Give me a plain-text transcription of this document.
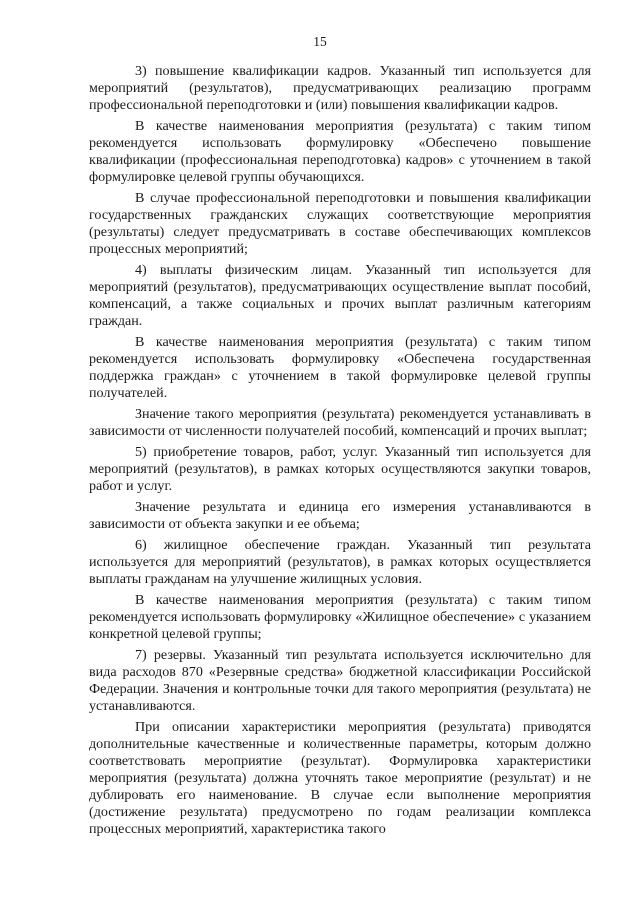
15

3) повышение квалификации кадров. Указанный тип используется для мероприятий (результатов), предусматривающих реализацию программ профессиональной переподготовки и (или) повышения квалификации кадров.

В качестве наименования мероприятия (результата) с таким типом рекомендуется использовать формулировку «Обеспечено повышение квалификации (профессиональная переподготовка) кадров» с уточнением в такой формулировке целевой группы обучающихся.

В случае профессиональной переподготовки и повышения квалификации государственных гражданских служащих соответствующие мероприятия (результаты) следует предусматривать в составе обеспечивающих комплексов процессных мероприятий;

4) выплаты физическим лицам. Указанный тип используется для мероприятий (результатов), предусматривающих осуществление выплат пособий, компенсаций, а также социальных и прочих выплат различным категориям граждан.

В качестве наименования мероприятия (результата) с таким типом рекомендуется использовать формулировку «Обеспечена государственная поддержка граждан» с уточнением в такой формулировке целевой группы получателей.

Значение такого мероприятия (результата) рекомендуется устанавливать в зависимости от численности получателей пособий, компенсаций и прочих выплат;

5) приобретение товаров, работ, услуг. Указанный тип используется для мероприятий (результатов), в рамках которых осуществляются закупки товаров, работ и услуг.

Значение результата и единица его измерения устанавливаются в зависимости от объекта закупки и ее объема;

6) жилищное обеспечение граждан. Указанный тип результата используется для мероприятий (результатов), в рамках которых осуществляется выплаты гражданам на улучшение жилищных условия.

В качестве наименования мероприятия (результата) с таким типом рекомендуется использовать формулировку «Жилищное обеспечение» с указанием конкретной целевой группы;

7) резервы. Указанный тип результата используется исключительно для вида расходов 870 «Резервные средства» бюджетной классификации Российской Федерации. Значения и контрольные точки для такого мероприятия (результата) не устанавливаются.

При описании характеристики мероприятия (результата) приводятся дополнительные качественные и количественные параметры, которым должно соответствовать мероприятие (результат). Формулировка характеристики мероприятия (результата) должна уточнять такое мероприятие (результат) и не дублировать его наименование. В случае если выполнение мероприятия (достижение результата) предусмотрено по годам реализации комплекса процессных мероприятий, характеристика такого
